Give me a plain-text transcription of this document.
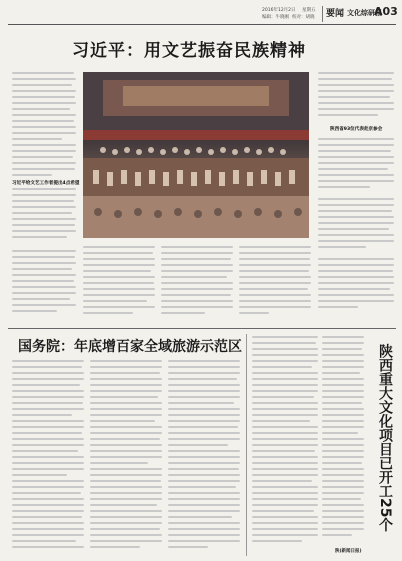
2016年12月2日 星期五
编辑：牛晓刚 校对：胡晓 要闻 文化综研报
A03
习近平：用文艺振奋民族精神
习近平给文艺工作者提出4点希望
陕西省93位代表赴京参会
国务院：年底增百家全域旅游示范区	陕西重大文化项目已开工25个
陕(新闻日报)
